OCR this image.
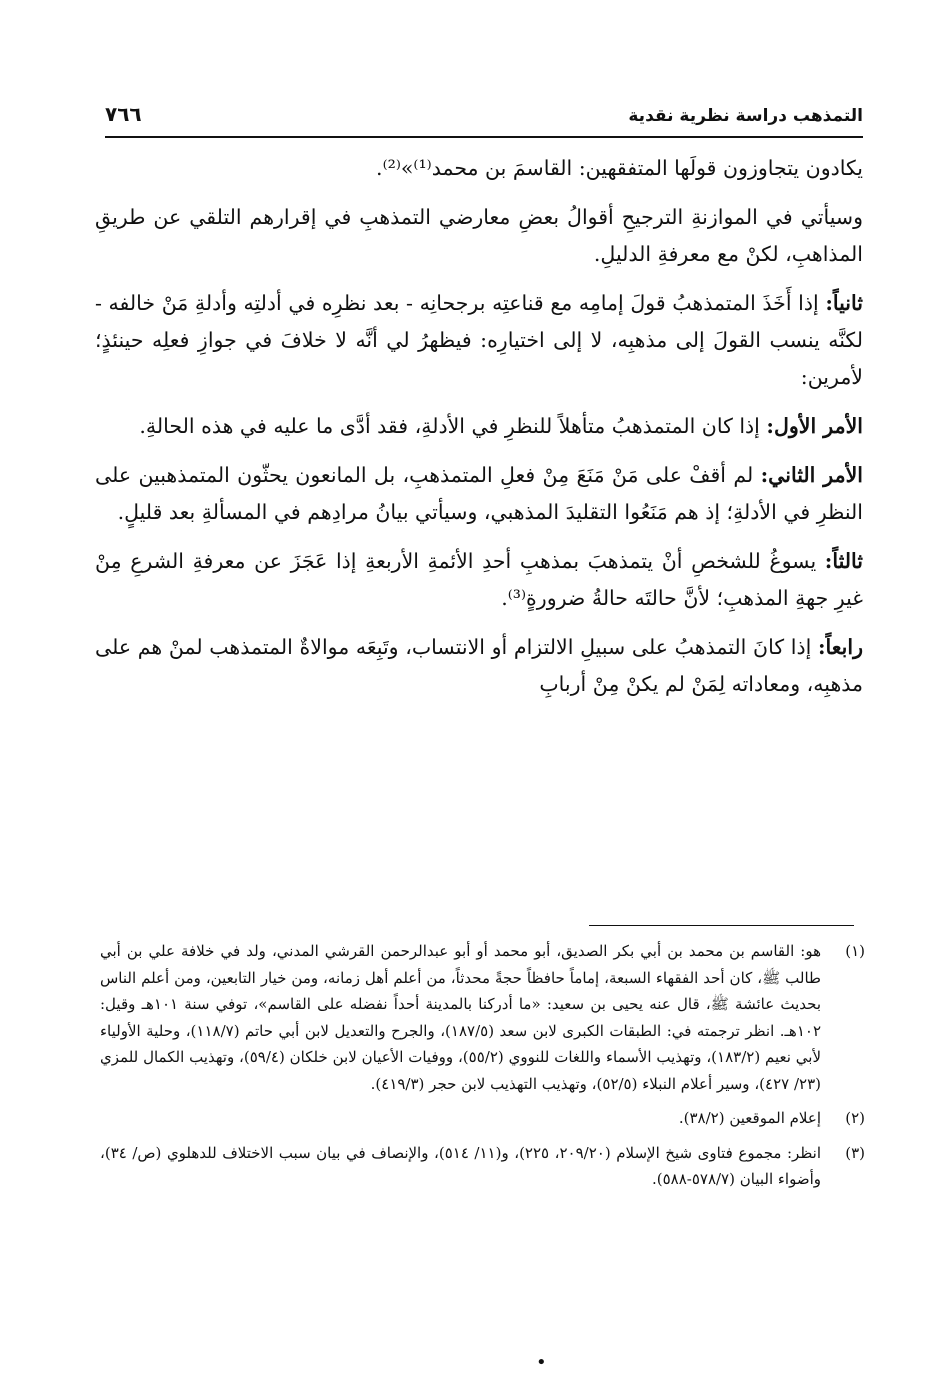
التمذهب دراسة نظرية نقدية
٧٦٦

يكادون يتجاوزون قولَها المتفقهين: القاسمَ بن محمد⁽¹⁾»⁽²⁾.

وسيأتي في الموازنةِ الترجيحِ أقوالُ بعضِ معارضي التمذهبِ في إقرارهم التلقي عن طريقِ المذاهبِ، لكنْ مع معرفةِ الدليلِ.

ثانياً: إذا أَخَذَ المتمذهبُ قولَ إمامِه مع قناعتِه برجحانِه - بعد نظرِه في أدلتِه وأدلةِ مَنْ خالفه - لكنَّه ينسب القولَ إلى مذهبِه، لا إلى اختيارِه: فيظهرُ لي أنَّه لا خلافَ في جوازِ فعلِه حينئذٍ؛ لأمرين:

الأمر الأول: إذا كان المتمذهبُ متأهلاً للنظرِ في الأدلةِ، فقد أدَّى ما عليه في هذه الحالةِ.

الأمر الثاني: لم أقفْ على مَنْ مَنَعَ مِنْ فعلِ المتمذهبِ، بل المانعون يحثّون المتمذهبين على النظرِ في الأدلةِ؛ إذ هم مَنَعُوا التقليدَ المذهبي، وسيأتي بيانُ مرادِهم في المسألةِ بعد قليلٍ.

ثالثاً: يسوغُ للشخصِ أنْ يتمذهبَ بمذهبِ أحدِ الأئمةِ الأربعةِ إذا عَجَزَ عن معرفةِ الشرعِ مِنْ غيرِ جهةِ المذهبِ؛ لأنَّ حالتَه حالةُ ضرورةٍ⁽³⁾.

رابعاً: إذا كانَ التمذهبُ على سبيلِ الالتزام أو الانتساب، وتَبِعَه موالاةٌ المتمذهب لمنْ هم على مذهبِه، ومعاداته لِمَنْ لم يكنْ مِنْ أربابِ

(١)
هو: القاسم بن محمد بن أبي بكر الصديق، أبو محمد أو أبو عبدالرحمن القرشي المدني، ولد في خلافة علي بن أبي طالب ﷺ، كان أحد الفقهاء السبعة، إماماً حافظاً حجةً محدثاً، من أعلم أهل زمانه، ومن خيار التابعين، ومن أعلم الناس بحديث عائشة ﷺ، قال عنه يحيى بن سعيد: «ما أدركنا بالمدينة أحداً نفضله على القاسم»، توفي سنة ١٠١هـ وقيل: ١٠٢هـ. انظر ترجمته في: الطبقات الكبرى لابن سعد (١٨٧/٥)، والجرح والتعديل لابن أبي حاتم (١١٨/٧)، وحلية الأولياء لأبي نعيم (١٨٣/٢)، وتهذيب الأسماء واللغات للنووي (٥٥/٢)، ووفيات الأعيان لابن خلكان (٥٩/٤)، وتهذيب الكمال للمزي (٢٣/ ٤٢٧)، وسير أعلام النبلاء (٥٢/٥)، وتهذيب التهذيب لابن حجر (٤١٩/٣).
(٢)
إعلام الموقعين (٣٨/٢).
(٣)
انظر: مجموع فتاوى شيخ الإسلام (٢٠٩/٢٠، ٢٢٥)، و(١١/ ٥١٤)، والإنصاف في بيان سبب الاختلاف للدهلوي (ص/ ٣٤)، وأضواء البيان (٥٧٨/٧-٥٨٨).
•
